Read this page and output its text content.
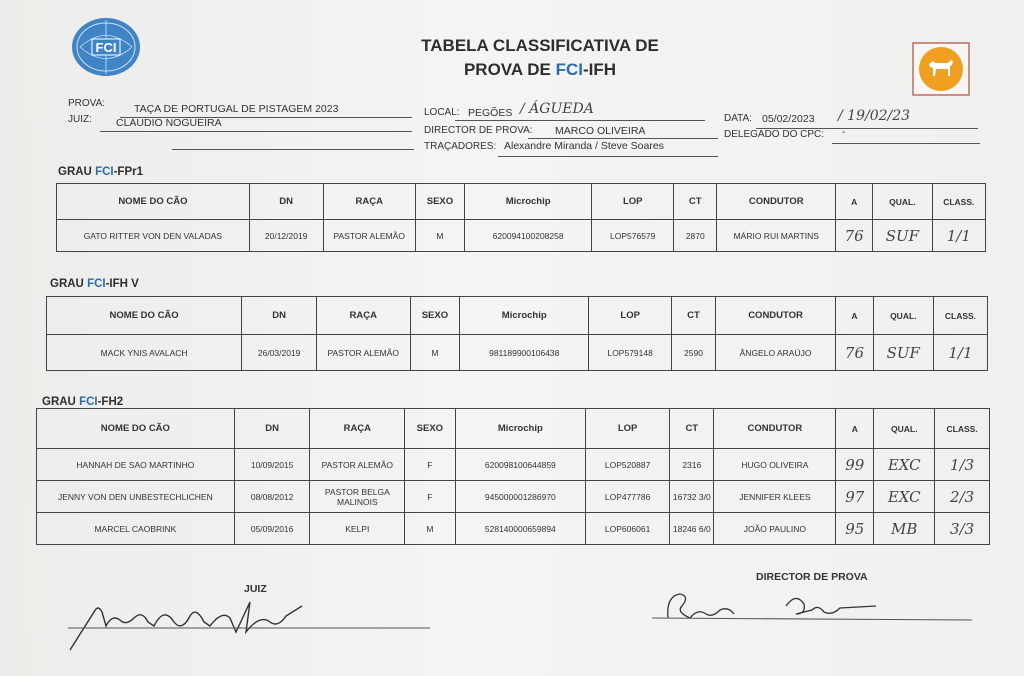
FCI	TABELA CLASSIFICATIVA DE
PROVA DE FCI-IFH
PROVA:	TAÇA DE PORTUGAL DE PISTAGEM 2023
JUIZ: CLÁUDIO NOGUEIRA
LOCAL: PEGÕES / ÁGUEDA
DIRECTOR DE PROVA: MARCO OLIVEIRA
TRAÇADORES: Alexandre Miranda / Steve Soares
DATA: 05/02/2023 / 19/02/23
DELEGADO DO CPC: -
GRAU FCI-FPr1
NOME DO CÃO	DN	RAÇA	SEXO	Microchip	LOP	CT	CONDUTOR	A	QUAL.	CLASS.
GATO RITTER VON DEN VALADAS	20/12/2019	PASTOR ALEMÃO	M	620094100208258	LOP576579	2870	MÁRIO RUI MARTINS	76	SUF	1/1
GRAU FCI-IFH V
NOME DO CÃO	DN	RAÇA	SEXO	Microchip	LOP	CT	CONDUTOR	A	QUAL.	CLASS.
MACK YNIS AVALACH	26/03/2019	PASTOR ALEMÃO	M	981189900106438	LOP579148	2590	ÂNGELO ARAÚJO	76	SUF	1/1
GRAU FCI-FH2
NOME DO CÃO	DN	RAÇA	SEXO	Microchip	LOP	CT	CONDUTOR	A	QUAL.	CLASS.
HANNAH DE SAO MARTINHO	10/09/2015	PASTOR ALEMÃO	F	620098100644859	LOP520887	2316	HUGO OLIVEIRA	99	EXC	1/3
JENNY VON DEN UNBESTECHLICHEN	08/08/2012	PASTOR BELGA MALINOIS	F	945000001286970	LOP477786	16732 3/0	JENNIFER KLEES	97	EXC	2/3
MARCEL CAOBRINK	05/09/2016	KELPI	M	528140000659894	LOP606061	18246 6/0	JOÃO PAULINO	95	MB	3/3
JUIZ
DIRECTOR DE PROVA
